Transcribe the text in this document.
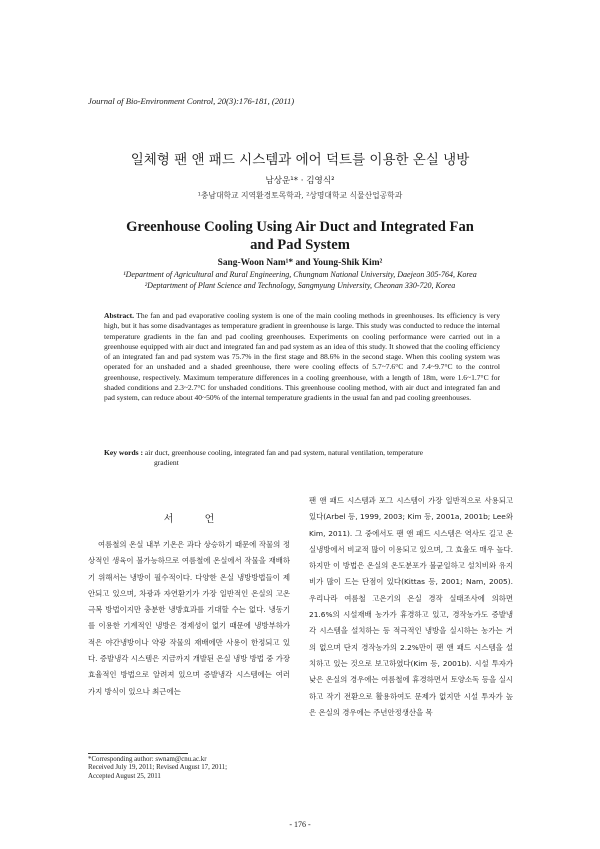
Journal of Bio-Environment Control, 20(3):176-181, (2011)
일체형 팬 앤 패드 시스템과 에어 덕트를 이용한 온실 냉방
남상운¹* · 김영식²
¹충남대학교 지역환경토목학과, ²상명대학교 식물산업공학과
Greenhouse Cooling Using Air Duct and Integrated Fan
and Pad System
Sang-Woon Nam¹* and Young-Shik Kim²
¹Department of Agricultural and Rural Engineering, Chungnam National University, Daejeon 305-764, Korea
²Deptartment of Plant Science and Technology, Sangmyung University, Cheonan 330-720, Korea
Abstract. The fan and pad evaporative cooling system is one of the main cooling methods in greenhouses. Its efficiency is very high, but it has some disadvantages as temperature gradient in greenhouse is large. This study was conducted to reduce the internal temperature gradients in the fan and pad cooling greenhouses. Experiments on cooling performance were carried out in a greenhouse equipped with air duct and integrated fan and pad system as an idea of this study. It showed that the cooling efficiency of an integrated fan and pad system was 75.7% in the first stage and 88.6% in the second stage. When this cooling system was operated for an unshaded and a shaded greenhouse, there were cooling effects of 5.7~7.6°C and 7.4~9.7°C to the control greenhouse, respectively. Maximum temperature differences in a cooling greenhouse, with a length of 18m, were 1.6~1.7°C for shaded conditions and 2.3~2.7°C for unshaded conditions. This greenhouse cooling method, with air duct and integrated fan and pad system, can reduce about 40~50% of the internal temperature gradients in the usual fan and pad cooling greenhouses.
Key words : air duct, greenhouse cooling, integrated fan and pad system, natural ventilation, temperature
gradient
서 언
여름철의 온실 내부 기온은 과다 상승하기 때문에 작물의 정상적인 생육이 불가능하므로 여름철에 온실에서 작물을 재배하기 위해서는 냉방이 필수적이다. 다양한 온실 냉방방법들이 제안되고 있으며, 차광과 자연환기가 가장 일반적인 온실의 고온극복 방법이지만 충분한 냉방효과를 기대할 수는 없다. 냉동기를 이용한 기계적인 냉방은 경제성이 없기 때문에 냉방부하가 적은 야간냉방이나 약광 작물의 재배에만 사용이 한정되고 있다. 증발냉각 시스템은 지금까지 개발된 온실 냉방 방법 중 가장 효율적인 방법으로 알려져 있으며 증발냉각 시스템에는 여러 가지 방식이 있으나 최근에는
팬 앤 패드 시스템과 포그 시스템이 가장 일반적으로 사용되고 있다(Arbel 등, 1999, 2003; Kim 등, 2001a, 2001b; Lee와 Kim, 2011). 그 중에서도 팬 앤 패드 시스템은 역사도 길고 온실냉방에서 비교적 많이 이용되고 있으며, 그 효율도 매우 높다. 하지만 이 방법은 온실의 온도분포가 불균일하고 설치비와 유지비가 많이 드는 단점이 있다(Kittas 등, 2001; Nam, 2005). 우리나라 여름철 고온기의 온실 경작 실태조사에 의하면 21.6%의 시설재배 농가가 휴경하고 있고, 경작농가도 증발냉각 시스템을 설치하는 등 적극적인 냉방을 실시하는 농가는 거의 없으며 단지 경작농가의 2.2%만이 팬 앤 패드 시스템을 설치하고 있는 것으로 보고하였다(Kim 등, 2001b). 시설 투자가 낮은 온실의 경우에는 여름철에 휴경하면서 토양소독 등을 실시하고 작기 전환으로 활용하여도 문제가 없지만 시설 투자가 높은 온실의 경우에는 주년안정생산을 목
*Corresponding author: swnam@cnu.ac.kr
Received July 19, 2011; Revised August 17, 2011;
Accepted August 25, 2011
- 176 -
